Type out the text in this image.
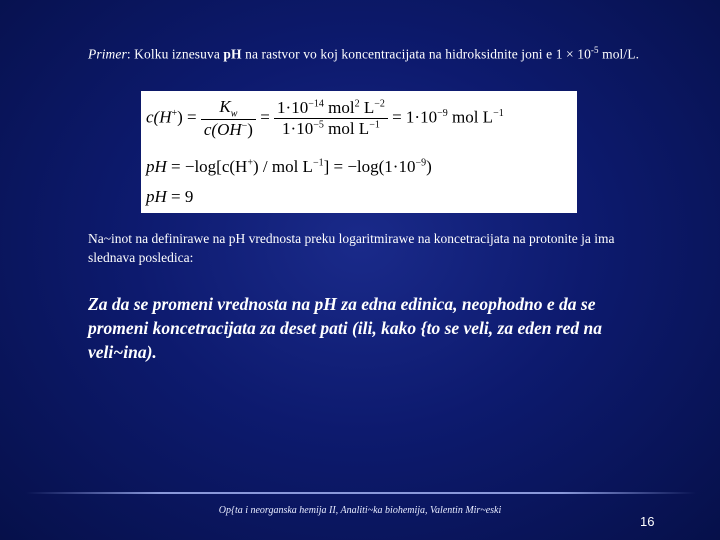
Primer: Kolku iznesuva pH na rastvor vo koj koncentracijata na hidroksidnite joni e $1 \times 10^{-5}$ mol/L.
$c(H^+) = \frac{K_w}{c(OH^-)} = \frac{1\cdot 10^{-14} mol^2 L^{-2}}{1\cdot 10^{-5} mol L^{-1}} = 1\cdot 10^{-9}$ mol $L^{-1}$
pH = −log[c(H+) / mol $L^{-1}] = -\log(1\cdot 10^{-9})$
pH = 9
Na~inot na definirawe na pH vrednosta preku logaritmirawe na koncetracijata na protonite ja ima slednava posledica:
Za da se promeni vrednosta na pH za edna edinica, neophodno e da se promeni koncetracijata za deset pati (ili, kako {to se veli, za eden red na veli~ina).
Op{ta i neorganska hemija II, Analiti~ka biohemija, Valentin Mir~eski
16
